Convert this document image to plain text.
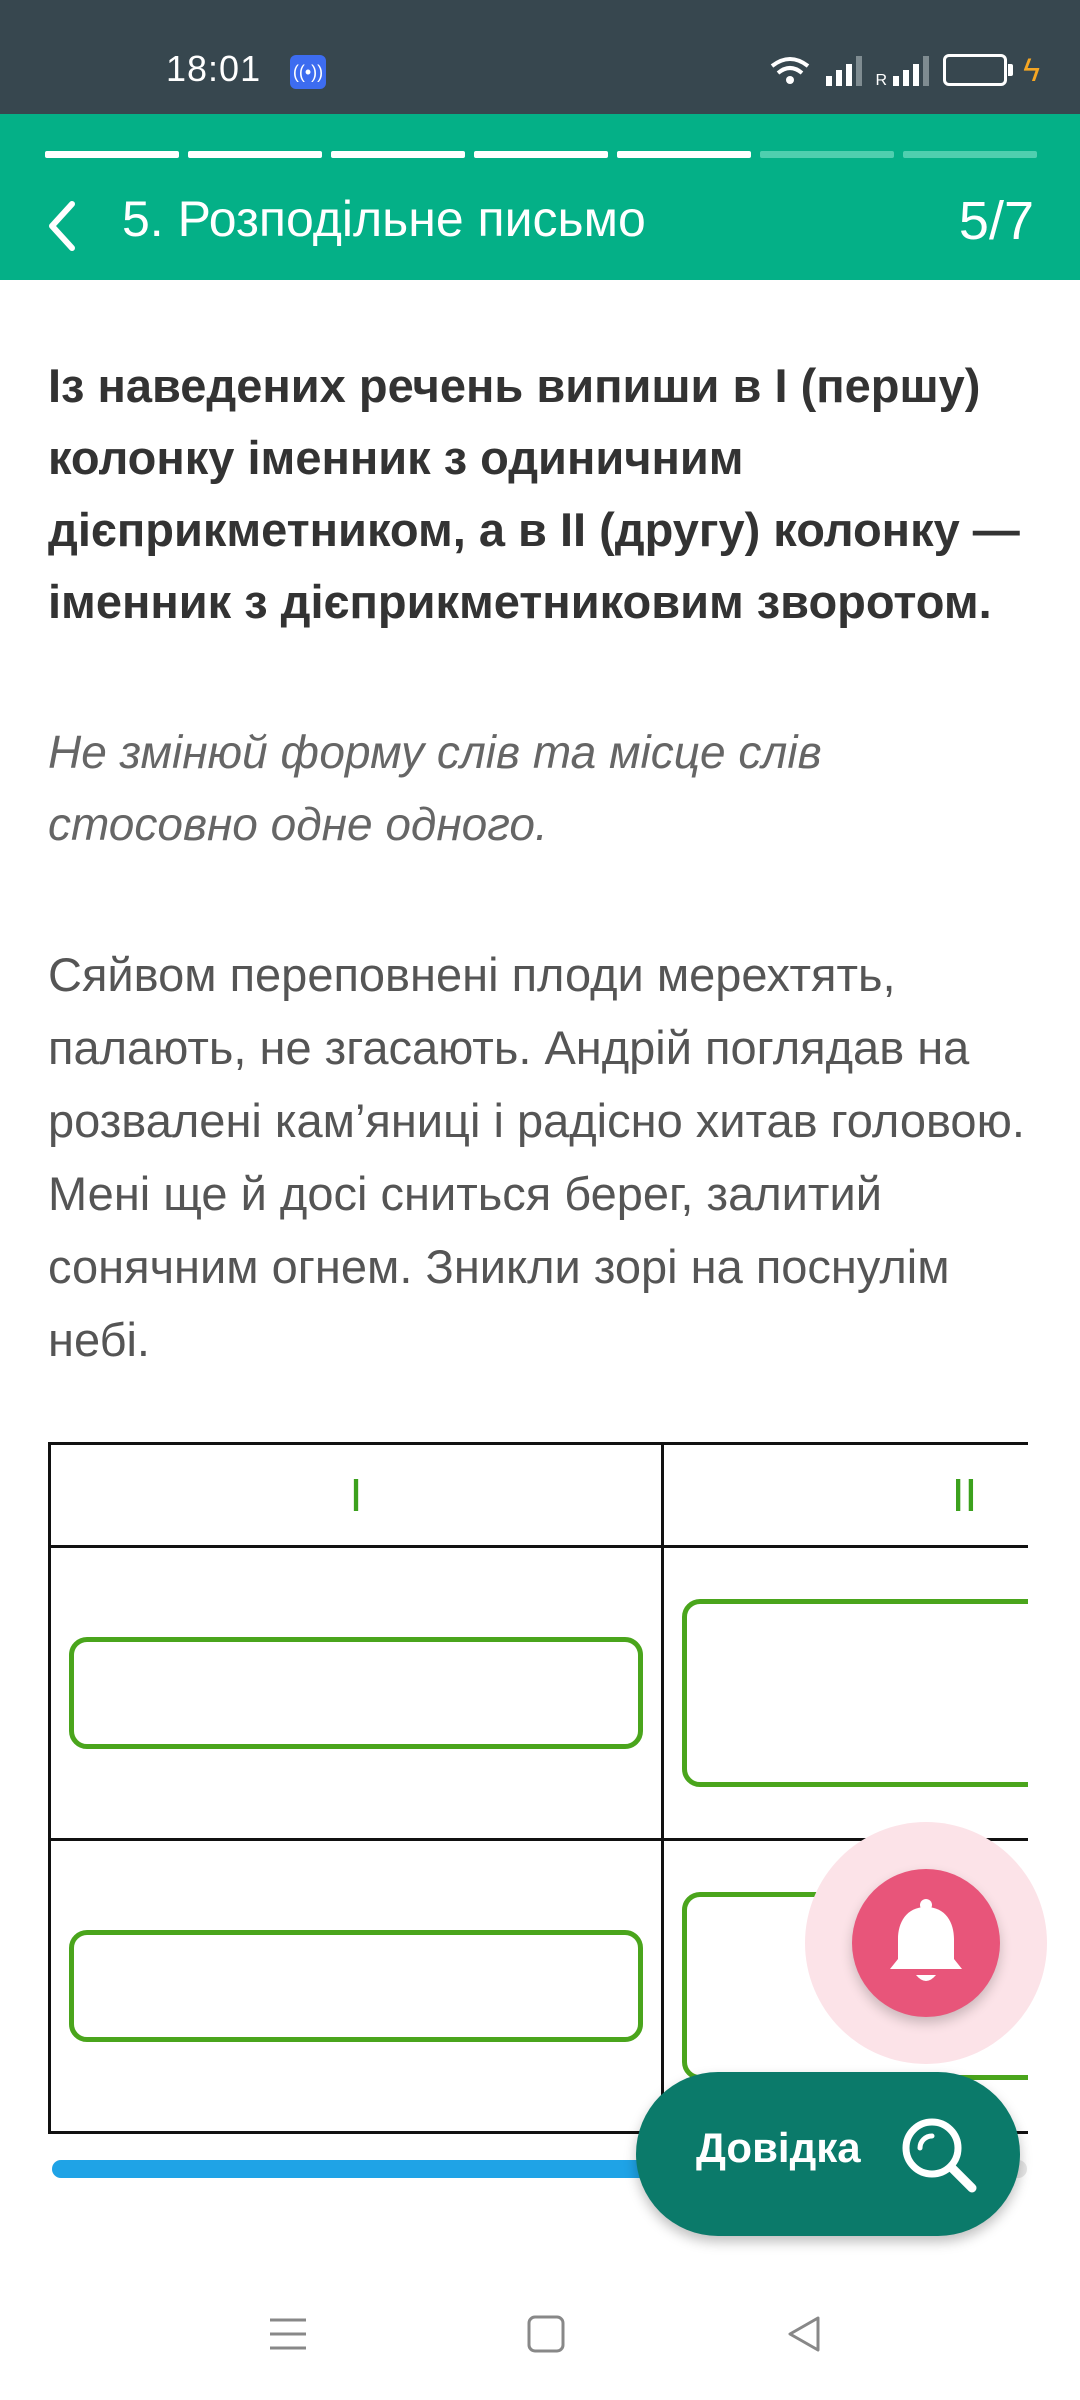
18:01 ((•))	R	ϟ
5. Розподільне письмо	5/7

Із наведених речень випиши в І (першу) колонку іменник з одиничним дієприкметником, а в ІІ (другу) колонку — іменник з дієприкметниковим зворотом.

Не змінюй форму слів та місце слів стосовно одне одного.

Сяйвом переповнені плоди мерехтять, палають, не згасають. Андрій поглядав на розвалені кам’яниці і радісно хитав головою. Мені ще й досі сниться берег, залитий сонячним огнем. Зникли зорі на поснулім небі.

І	ІІ

Довідка
